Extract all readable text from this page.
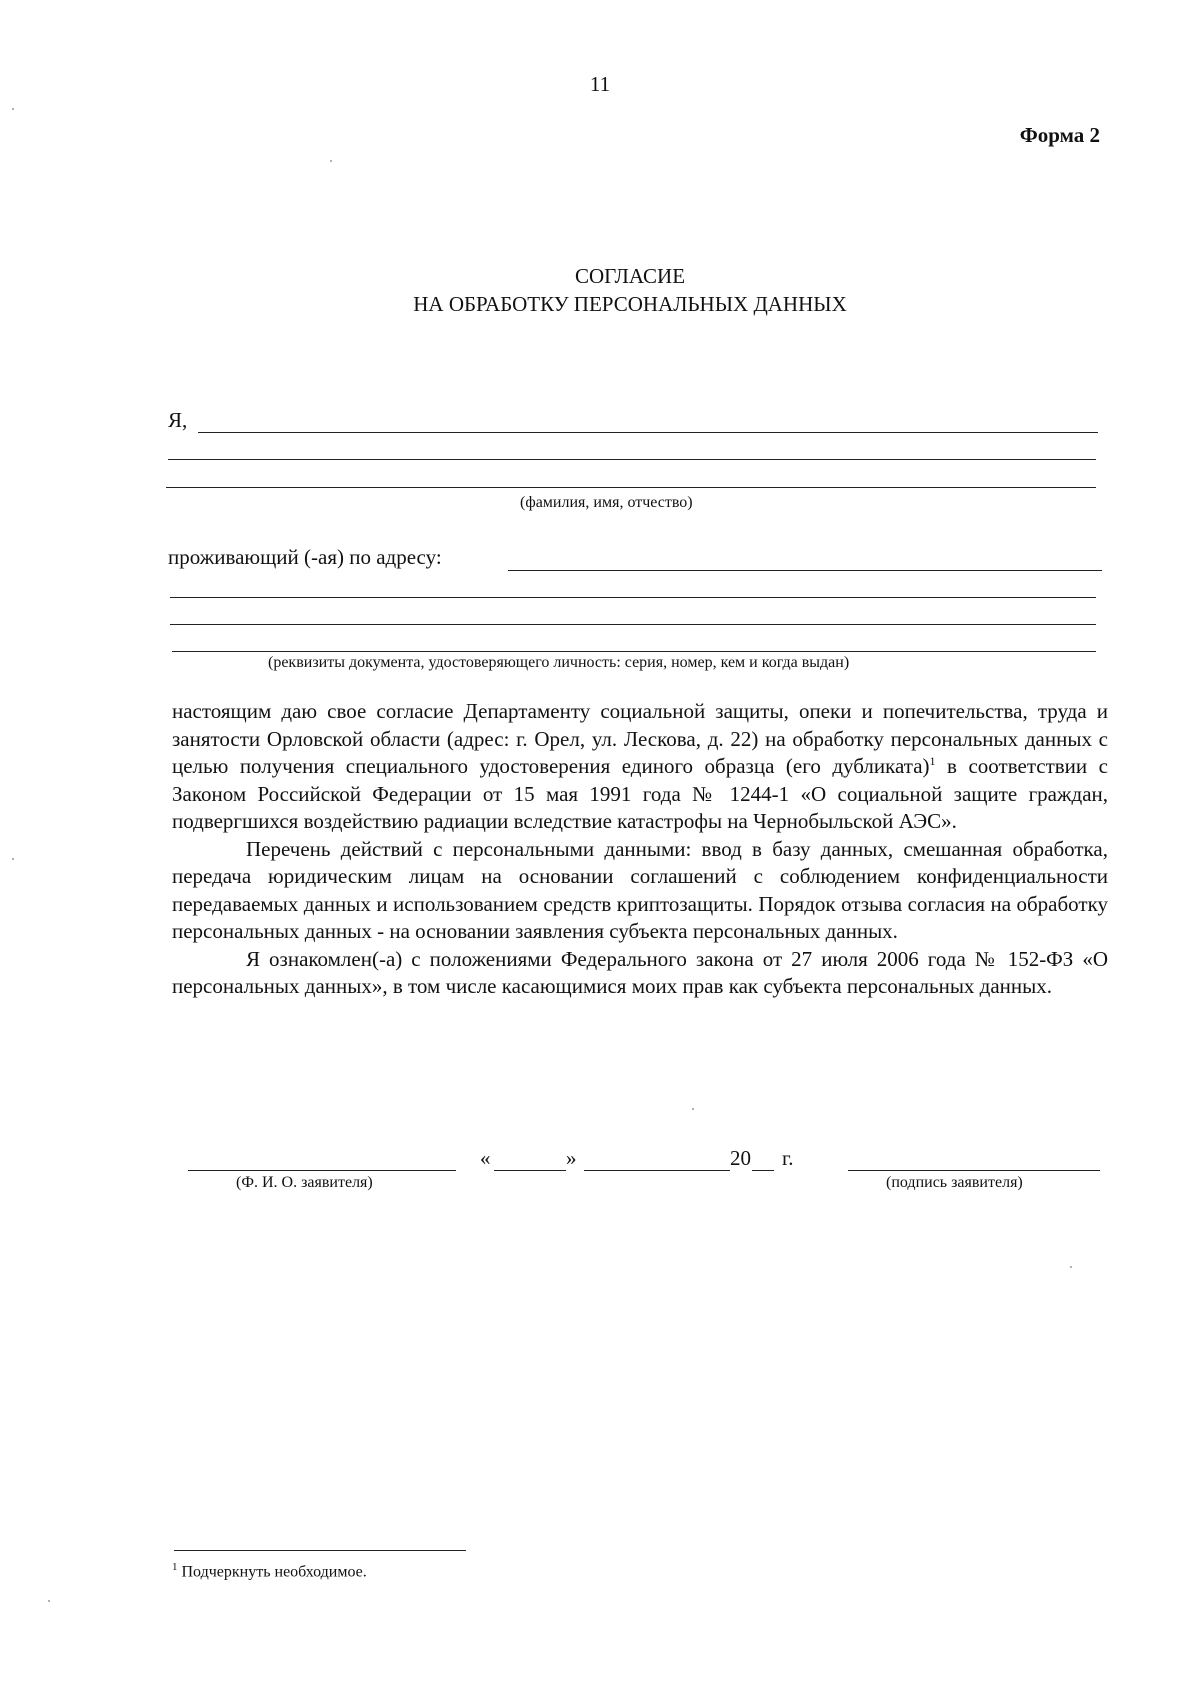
11
Форма 2
СОГЛАСИЕ
НА ОБРАБОТКУ ПЕРСОНАЛЬНЫХ ДАННЫХ
Я,
(фамилия, имя, отчество)
проживающий (-ая) по адресу:
(реквизиты документа, удостоверяющего личность: серия, номер, кем и когда выдан)

настоящим даю свое согласие Департаменту социальной защиты, опеки и попечительства, труда и занятости Орловской области (адрес: г. Орел, ул. Лескова, д. 22) на обработку персональных данных с целью получения специального удостоверения единого образца (его дубликата)$^1$ в соответствии с Законом Российской Федерации от 15 мая 1991 года № 1244-1 «О социальной защите граждан, подвергшихся воздействию радиации вследствие катастрофы на Чернобыльской АЭС».

Перечень действий с персональными данными: ввод в базу данных, смешанная обработка, передача юридическим лицам на основании соглашений с соблюдением конфиденциальности передаваемых данных и использованием средств криптозащиты. Порядок отзыва согласия на обработку персональных данных - на основании заявления субъекта персональных данных.

Я ознакомлен(-а) с положениями Федерального закона от 27 июля 2006 года № 152-ФЗ «О персональных данных», в том числе касающимися моих прав как субъекта персональных данных.

«	»	20 г.
(Ф. И. О. заявителя)	(подпись заявителя)
$^1$ Подчеркнуть необходимое.
